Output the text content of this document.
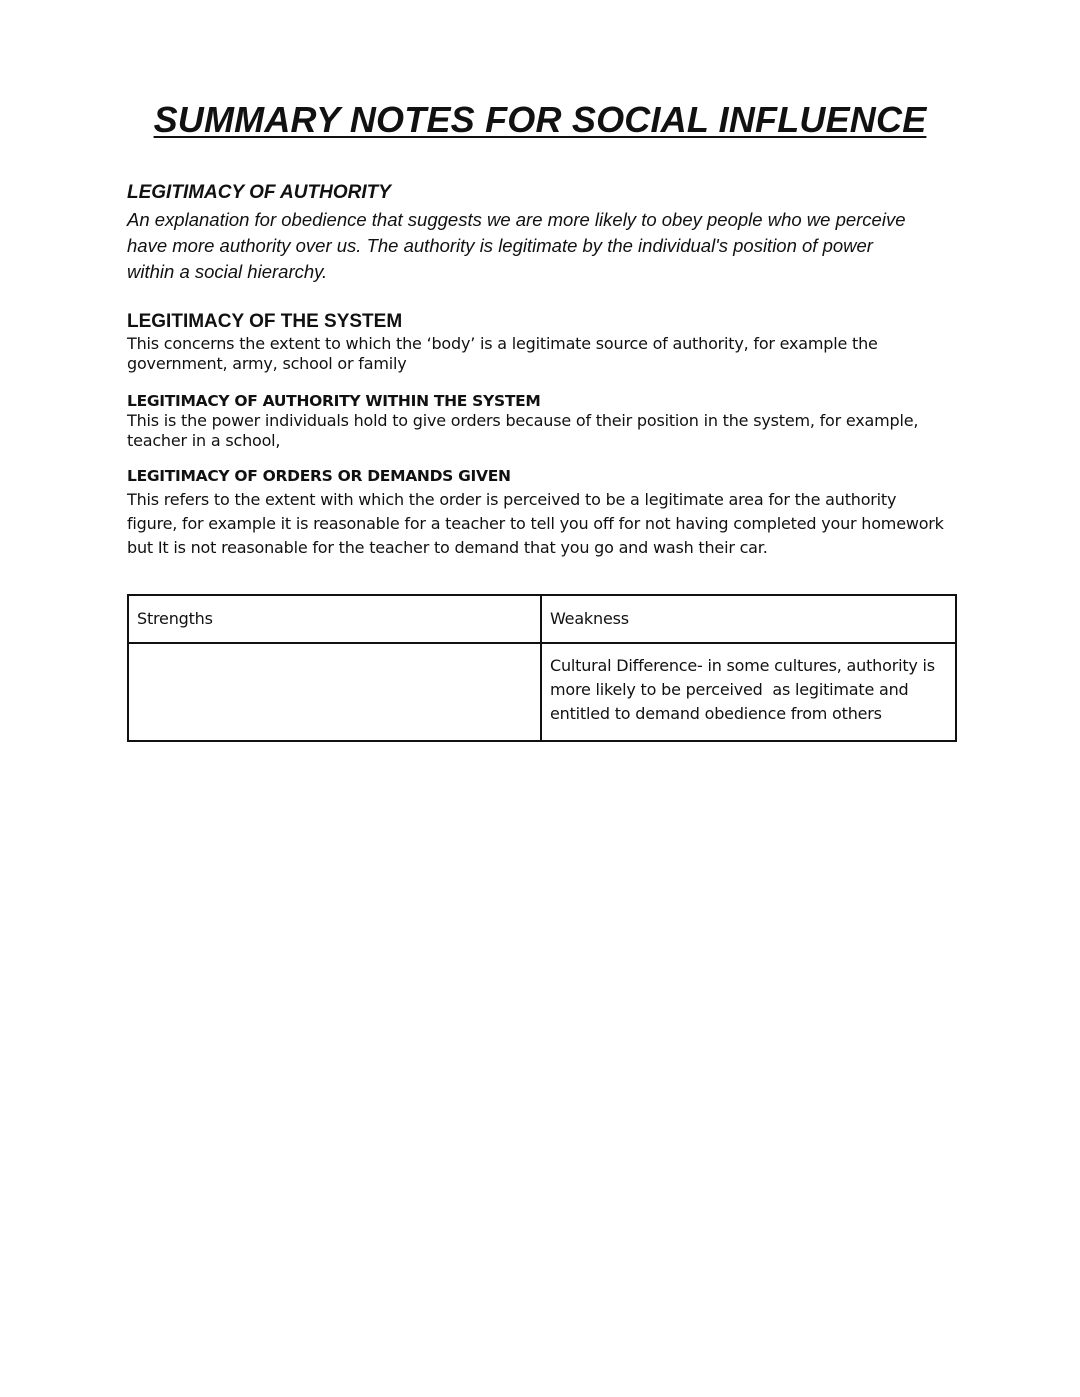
SUMMARY NOTES FOR SOCIAL INFLUENCE

LEGITIMACY OF AUTHORITY

An explanation for obedience that suggests we are more likely to obey people who we perceive
have more authority over us. The authority is legitimate by the individual's position of power
within a social hierarchy.

LEGITIMACY OF THE SYSTEM

This concerns the extent to which the ‘body’ is a legitimate source of authority, for example the
government, army, school or family

LEGITIMACY OF AUTHORITY WITHIN THE SYSTEM

This is the power individuals hold to give orders because of their position in the system, for example,
teacher in a school,

LEGITIMACY OF ORDERS OR DEMANDS GIVEN

This refers to the extent with which the order is perceived to be a legitimate area for the authority
figure, for example it is reasonable for a teacher to tell you off for not having completed your homework
but It is not reasonable for the teacher to demand that you go and wash their car.

Strengths	Weakness
	Cultural Difference- in some cultures, authority is
more likely to be perceived  as legitimate and
entitled to demand obedience from others
